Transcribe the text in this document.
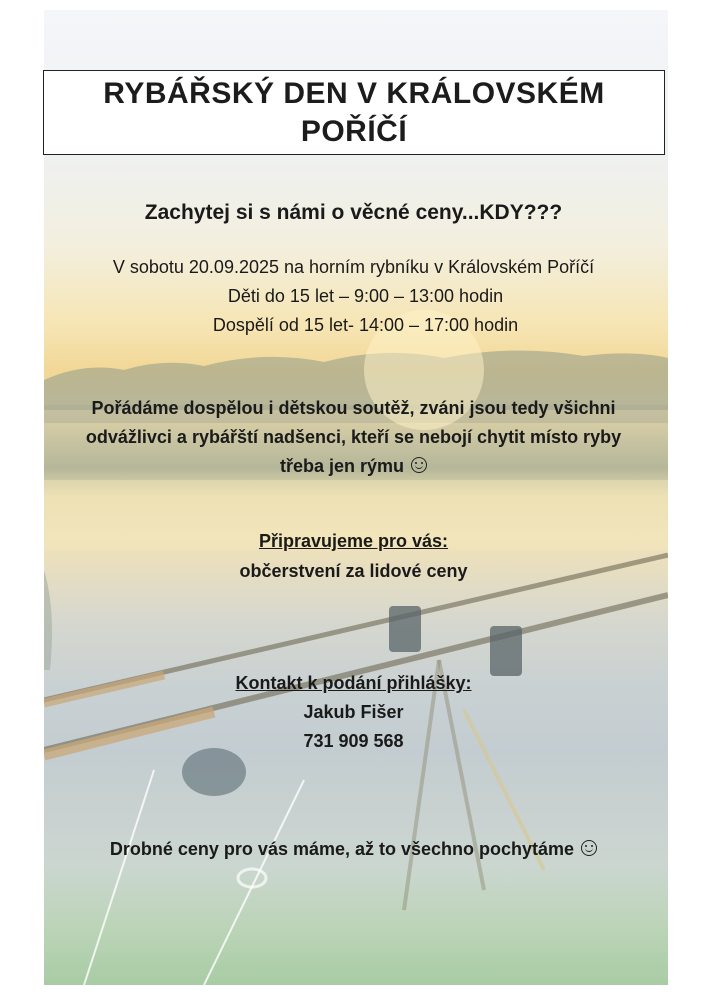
RYBÁŘSKÝ DEN V KRÁLOVSKÉM POŘÍČÍ
Zachytej si s námi o věcné ceny...KDY???
V sobotu 20.09.2025 na horním rybníku v Královském Poříčí
Děti do 15 let – 9:00 – 13:00 hodin
Dospělí od 15 let- 14:00 – 17:00 hodin
Pořádáme dospělou i dětskou soutěž, zváni jsou tedy všichni
odvážlivci a rybářští nadšenci, kteří se nebojí chytit místo ryby
třeba jen rýmu
Připravujeme pro vás:
občerstvení za lidové ceny
Kontakt k podání přihlášky:
Jakub Fišer
731 909 568
Drobné ceny pro vás máme, až to všechno pochytáme
